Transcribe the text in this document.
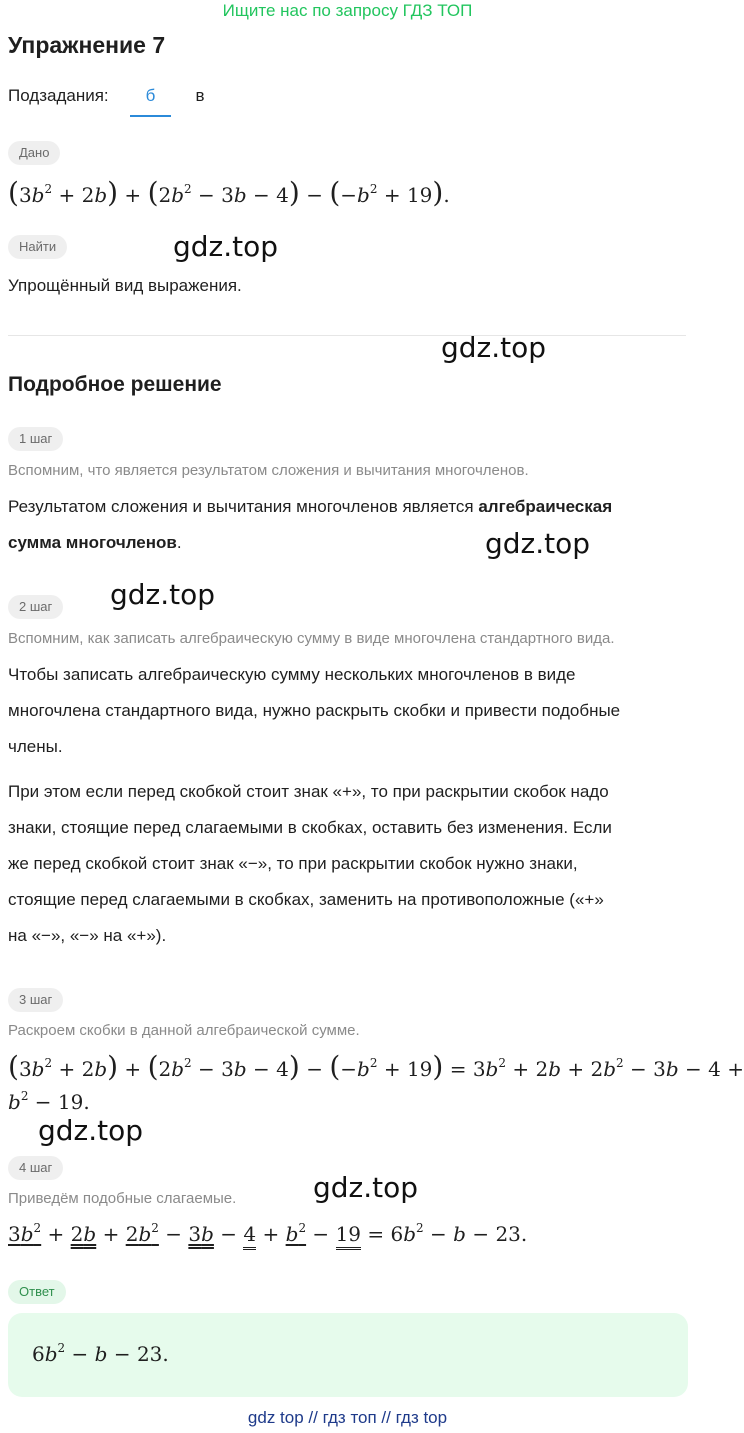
Ищите нас по запросу ГДЗ ТОП
Упражнение 7
Подзадания:	б	в
Дано
$(3b^2 + 2b) + (2b^2 - 3b - 4) - (-b^2 + 19)$.
Найти	gdz.top
Упрощённый вид выражения.
gdz.top
Подробное решение
1 шаг
Вспомним, что является результатом сложения и вычитания многочленов.
Результатом сложения и вычитания многочленов является алгебраическая
сумма многочленов.	gdz.top
2 шаг	gdz.top
Вспомним, как записать алгебраическую сумму в виде многочлена стандартного вида.
Чтобы записать алгебраическую сумму нескольких многочленов в виде
многочлена стандартного вида, нужно раскрыть скобки и привести подобные
члены.
При этом если перед скобкой стоит знак «+», то при раскрытии скобок надо
знаки, стоящие перед слагаемыми в скобках, оставить без изменения. Если
же перед скобкой стоит знак «−», то при раскрытии скобок нужно знаки,
стоящие перед слагаемыми в скобках, заменить на противоположные («+»
на «−», «−» на «+»).
3 шаг
Раскроем скобки в данной алгебраической сумме.
$(3b^2 + 2b) + (2b^2 - 3b - 4) - (-b^2 + 19) = 3b^2 + 2b + 2b^2 - 3b - 4$ +
$b^2 - 19$.
gdz.top
4 шаг
gdz.top
Приведём подобные слагаемые.
$3b^2 + 2b + 2b^2 - 3b - 4 + b^2 - 19 = 6b^2 - b - 23$.
Ответ
$6b^2 - b - 23$.
gdz top // гдз топ // гдз top
